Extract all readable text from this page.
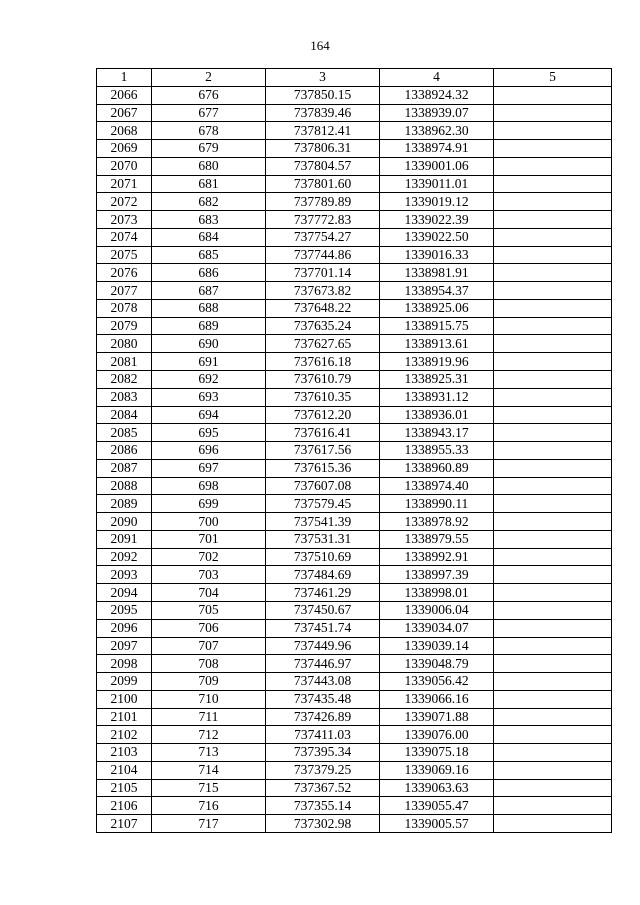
164
1	2	3	4	5
2066	676	737850.15	1338924.32	
2067	677	737839.46	1338939.07	
2068	678	737812.41	1338962.30	
2069	679	737806.31	1338974.91	
2070	680	737804.57	1339001.06	
2071	681	737801.60	1339011.01	
2072	682	737789.89	1339019.12	
2073	683	737772.83	1339022.39	
2074	684	737754.27	1339022.50	
2075	685	737744.86	1339016.33	
2076	686	737701.14	1338981.91	
2077	687	737673.82	1338954.37	
2078	688	737648.22	1338925.06	
2079	689	737635.24	1338915.75	
2080	690	737627.65	1338913.61	
2081	691	737616.18	1338919.96	
2082	692	737610.79	1338925.31	
2083	693	737610.35	1338931.12	
2084	694	737612.20	1338936.01	
2085	695	737616.41	1338943.17	
2086	696	737617.56	1338955.33	
2087	697	737615.36	1338960.89	
2088	698	737607.08	1338974.40	
2089	699	737579.45	1338990.11	
2090	700	737541.39	1338978.92	
2091	701	737531.31	1338979.55	
2092	702	737510.69	1338992.91	
2093	703	737484.69	1338997.39	
2094	704	737461.29	1338998.01	
2095	705	737450.67	1339006.04	
2096	706	737451.74	1339034.07	
2097	707	737449.96	1339039.14	
2098	708	737446.97	1339048.79	
2099	709	737443.08	1339056.42	
2100	710	737435.48	1339066.16	
2101	711	737426.89	1339071.88	
2102	712	737411.03	1339076.00	
2103	713	737395.34	1339075.18	
2104	714	737379.25	1339069.16	
2105	715	737367.52	1339063.63	
2106	716	737355.14	1339055.47	
2107	717	737302.98	1339005.57	
